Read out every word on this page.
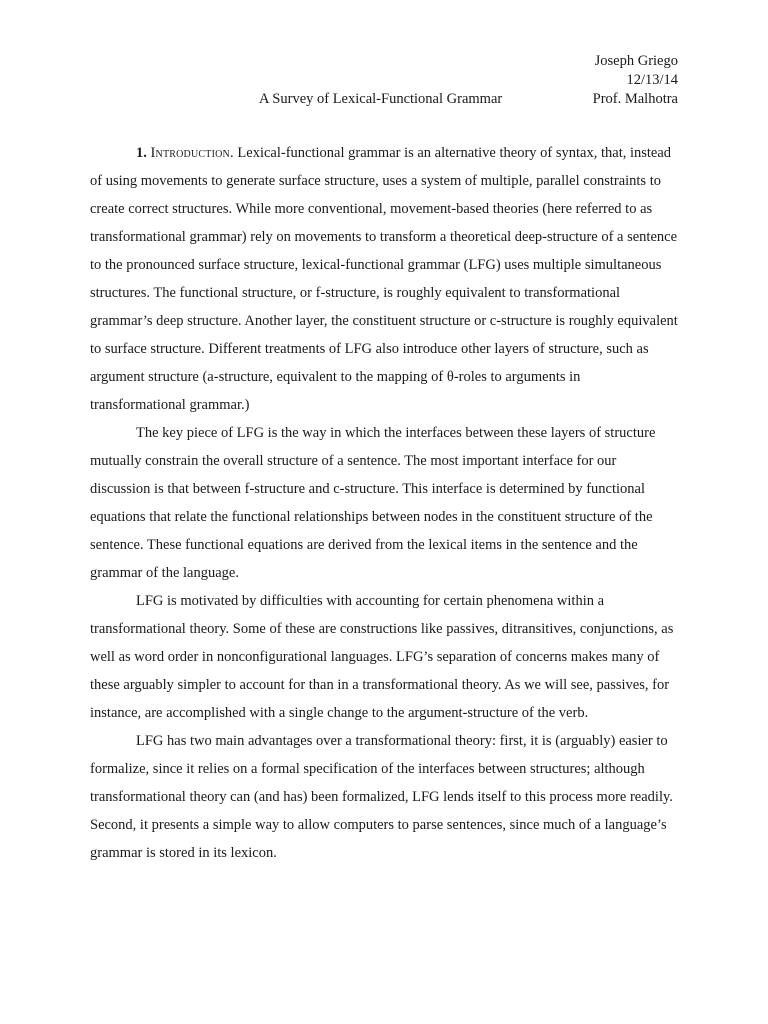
Joseph Griego
12/13/14
Prof. Malhotra
A Survey of Lexical-Functional Grammar

1. Introduction. Lexical-functional grammar is an alternative theory of syntax, that, instead of using movements to generate surface structure, uses a system of multiple, parallel constraints to create correct structures. While more conventional, movement-based theories (here referred to as transformational grammar) rely on movements to transform a theoretical deep-structure of a sentence to the pronounced surface structure, lexical-functional grammar (LFG) uses multiple simultaneous structures. The functional structure, or f-structure, is roughly equivalent to transformational grammar’s deep structure. Another layer, the constituent structure or c-structure is roughly equivalent to surface structure. Different treatments of LFG also introduce other layers of structure, such as argument structure (a-structure, equivalent to the mapping of θ-roles to arguments in transformational grammar.)

The key piece of LFG is the way in which the interfaces between these layers of structure mutually constrain the overall structure of a sentence. The most important interface for our discussion is that between f-structure and c-structure. This interface is determined by functional equations that relate the functional relationships between nodes in the constituent structure of the sentence. These functional equations are derived from the lexical items in the sentence and the grammar of the language.

LFG is motivated by difficulties with accounting for certain phenomena within a transformational theory. Some of these are constructions like passives, ditransitives, conjunctions, as well as word order in nonconfigurational languages. LFG’s separation of concerns makes many of these arguably simpler to account for than in a transformational theory. As we will see, passives, for instance, are accomplished with a single change to the argument-structure of the verb.

LFG has two main advantages over a transformational theory: first, it is (arguably) easier to formalize, since it relies on a formal specification of the interfaces between structures; although transformational theory can (and has) been formalized, LFG lends itself to this process more readily. Second, it presents a simple way to allow computers to parse sentences, since much of a language’s grammar is stored in its lexicon.
